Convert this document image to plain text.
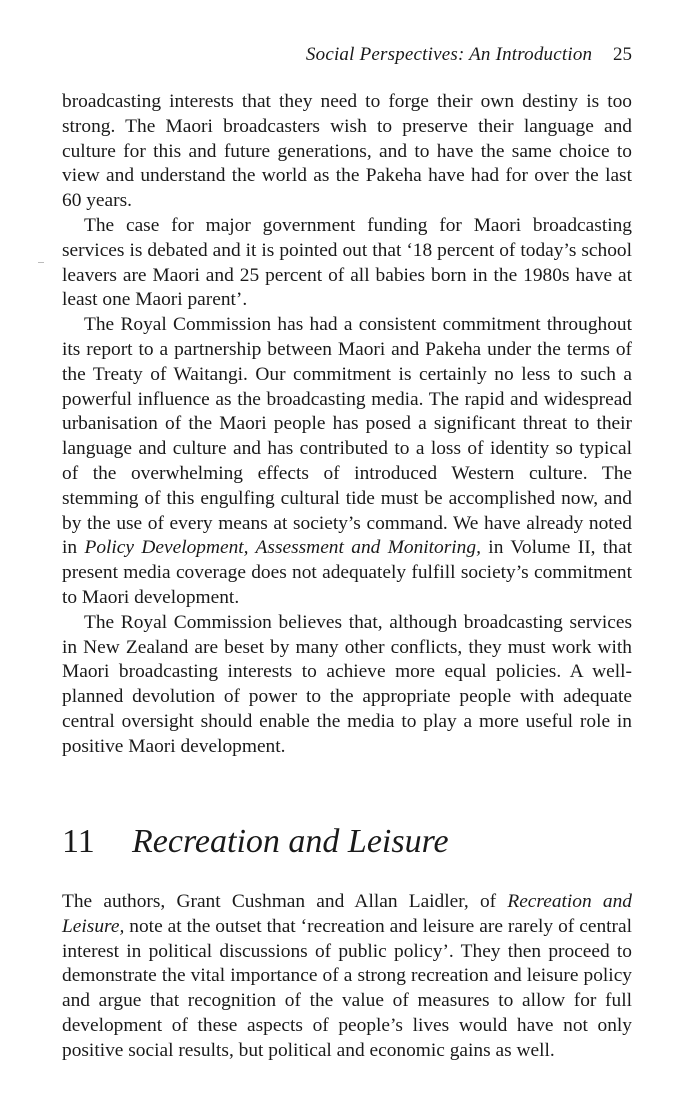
Social Perspectives: An Introduction 25

broadcasting interests that they need to forge their own destiny is too strong. The Maori broadcasters wish to preserve their language and culture for this and future generations, and to have the same choice to view and understand the world as the Pakeha have had for over the last 60 years.

The case for major government funding for Maori broadcasting services is debated and it is pointed out that ‘18 percent of today’s school leavers are Maori and 25 percent of all babies born in the 1980s have at least one Maori parent’.

The Royal Commission has had a consistent commitment throughout its report to a partnership between Maori and Pakeha under the terms of the Treaty of Waitangi. Our commitment is certainly no less to such a powerful influence as the broadcasting media. The rapid and widespread urbanisation of the Maori people has posed a significant threat to their language and culture and has contributed to a loss of identity so typical of the overwhelming effects of introduced Western culture. The stemming of this engulfing cultural tide must be accomplished now, and by the use of every means at society’s command. We have already noted in Policy Development, Assessment and Monitoring, in Volume II, that present media coverage does not adequately fulfill society’s commitment to Maori development.

The Royal Commission believes that, although broadcasting services in New Zealand are beset by many other conflicts, they must work with Maori broadcasting interests to achieve more equal policies. A well-planned devolution of power to the appropriate people with adequate central oversight should enable the media to play a more useful role in positive Maori development.

11 Recreation and Leisure

The authors, Grant Cushman and Allan Laidler, of Recreation and Leisure, note at the outset that ‘recreation and leisure are rarely of central interest in political discussions of public policy’. They then proceed to demonstrate the vital importance of a strong recreation and leisure policy and argue that recognition of the value of measures to allow for full development of these aspects of people’s lives would have not only positive social results, but political and economic gains as well.
